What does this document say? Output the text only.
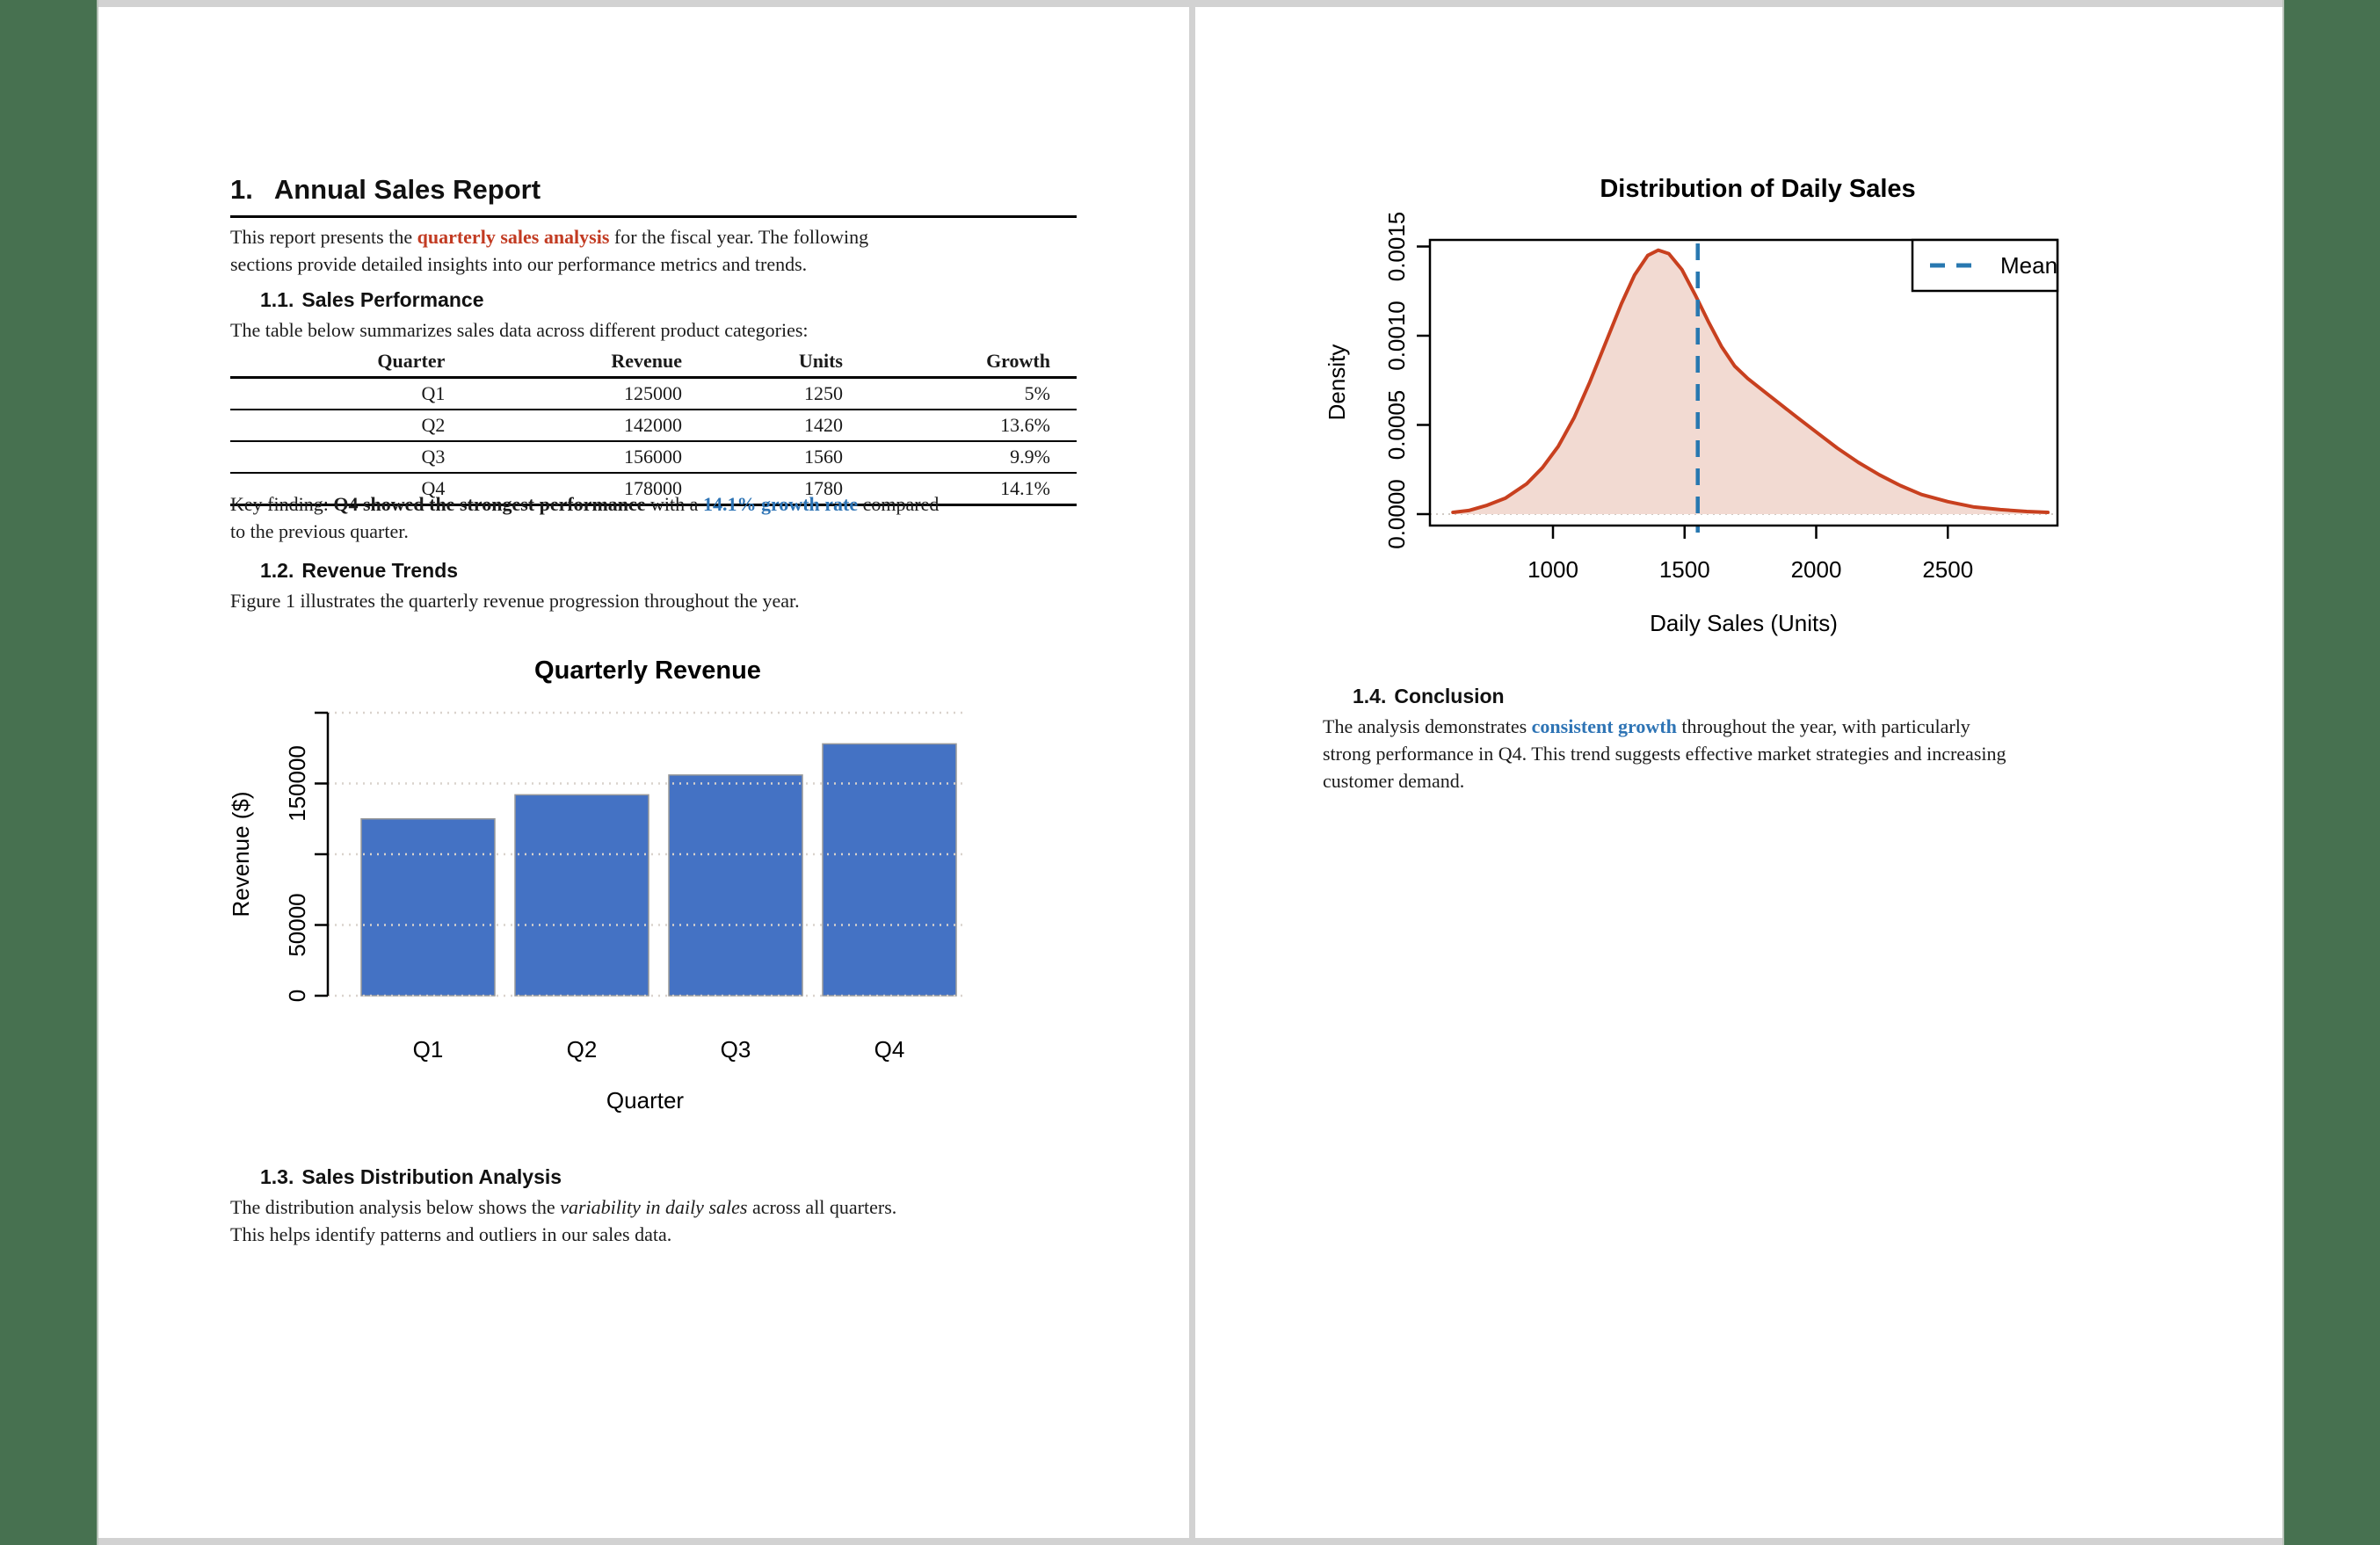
1. Annual Sales Report
This report presents the quarterly sales analysis for the fiscal year. The following
sections provide detailed insights into our performance metrics and trends.
1.1. Sales Performance
The table below summarizes sales data across different product categories:
Quarter	Revenue	Units	Growth
Q1	125000	1250	5%
Q2	142000	1420	13.6%
Q3	156000	1560	9.9%
Q4	178000	1780	14.1%
Key finding: Q4 showed the strongest performance with a 14.1% growth rate compared
to the previous quarter.
1.2. Revenue Trends
Figure 1 illustrates the quarterly revenue progression throughout the year.
0
50000
150000
Q1	Q2	Q3	Q4
Quarter
Revenue ($)
Quarterly Revenue
1.3. Sales Distribution Analysis
The distribution analysis below shows the variability in daily sales across all quarters.
This helps identify patterns and outliers in our sales data.
1000	1500	2000	2500
0.0000
0.0005
0.0010
0.0015	Mean
Distribution of Daily Sales
Daily Sales (Units)
Density
1.4. Conclusion
The analysis demonstrates consistent growth throughout the year, with particularly
strong performance in Q4. This trend suggests effective market strategies and increasing
customer demand.
